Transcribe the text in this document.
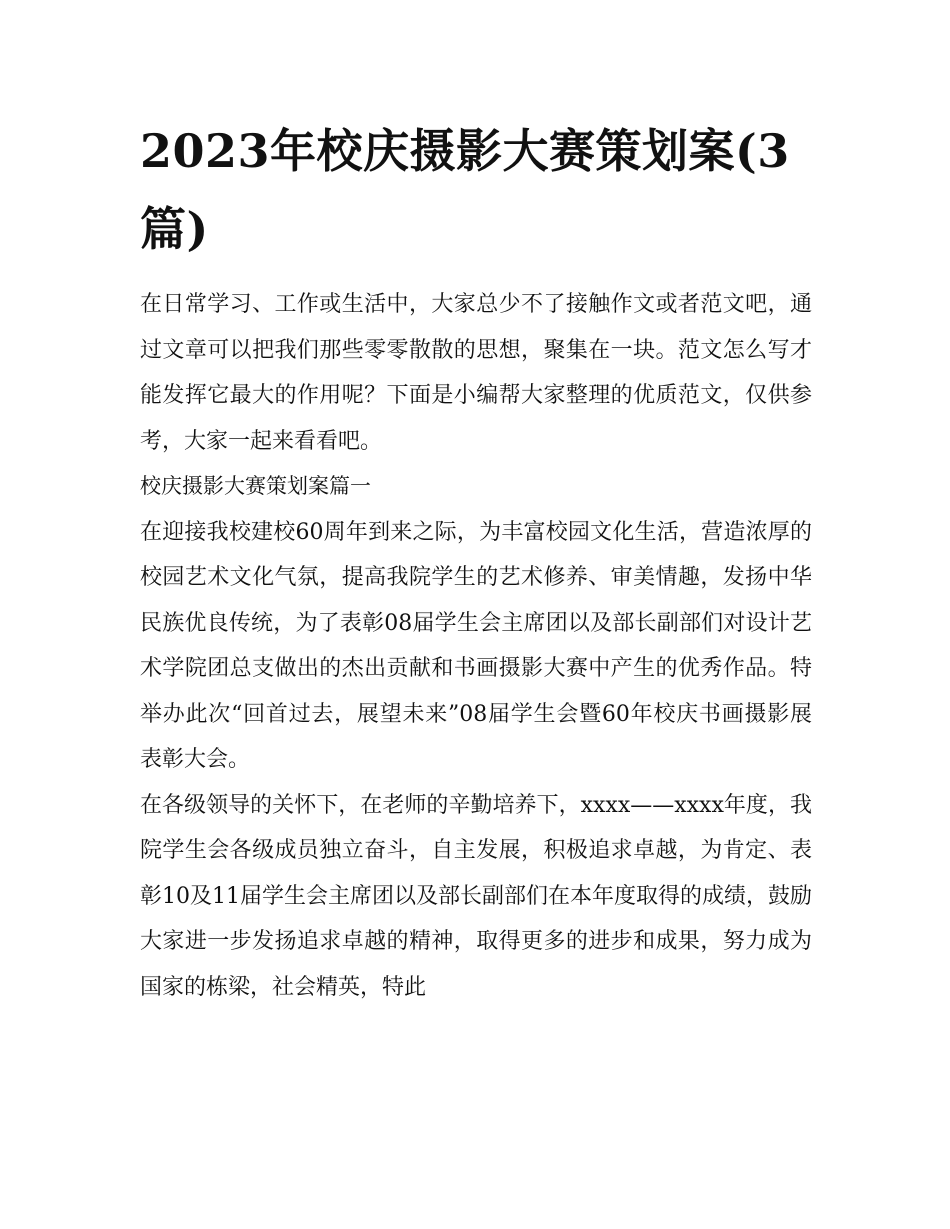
2023年校庆摄影大赛策划案(3篇)

在日常学习、工作或生活中，大家总少不了接触作文或者范文吧，通过文章可以把我们那些零零散散的思想，聚集在一块。范文怎么写才能发挥它最大的作用呢？下面是小编帮大家整理的优质范文，仅供参考，大家一起来看看吧。

校庆摄影大赛策划案篇一

在迎接我校建校60周年到来之际，为丰富校园文化生活，营造浓厚的校园艺术文化气氛，提高我院学生的艺术修养、审美情趣，发扬中华民族优良传统，为了表彰08届学生会主席团以及部长副部们对设计艺术学院团总支做出的杰出贡献和书画摄影大赛中产生的优秀作品。特举办此次“回首过去，展望未来”08届学生会暨60年校庆书画摄影展表彰大会。

在各级领导的关怀下，在老师的辛勤培养下，xxxx——xxxx年度，我院学生会各级成员独立奋斗，自主发展，积极追求卓越，为肯定、表彰10及11届学生会主席团以及部长副部们在本年度取得的成绩，鼓励大家进一步发扬追求卓越的精神，取得更多的进步和成果，努力成为国家的栋梁，社会精英，特此
